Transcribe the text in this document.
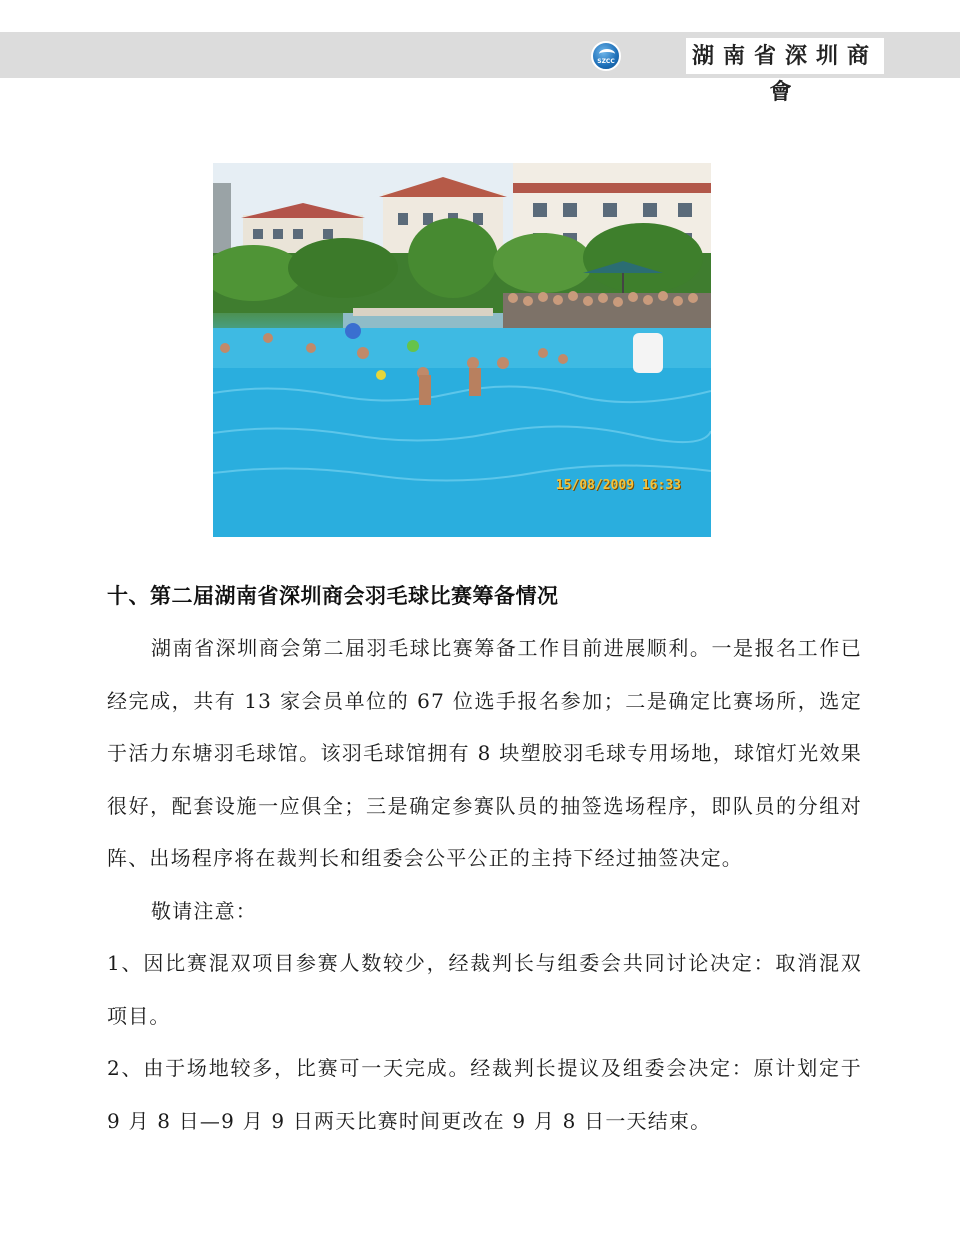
SZCC	湖南省深圳商會
15/08/2009 16:33
十、第二届湖南省深圳商会羽毛球比赛筹备情况

湖南省深圳商会第二届羽毛球比赛筹备工作目前进展顺利。一是报名工作已经完成，共有 13 家会员单位的 67 位选手报名参加；二是确定比赛场所，选定于活力东塘羽毛球馆。该羽毛球馆拥有 8 块塑胶羽毛球专用场地，球馆灯光效果很好，配套设施一应俱全；三是确定参赛队员的抽签选场程序，即队员的分组对阵、出场程序将在裁判长和组委会公平公正的主持下经过抽签决定。

敬请注意：

1、因比赛混双项目参赛人数较少，经裁判长与组委会共同讨论决定：取消混双项目。

2、由于场地较多，比赛可一天完成。经裁判长提议及组委会决定：原计划定于 9 月 8 日—9 月 9 日两天比赛时间更改在 9 月 8 日一天结束。
